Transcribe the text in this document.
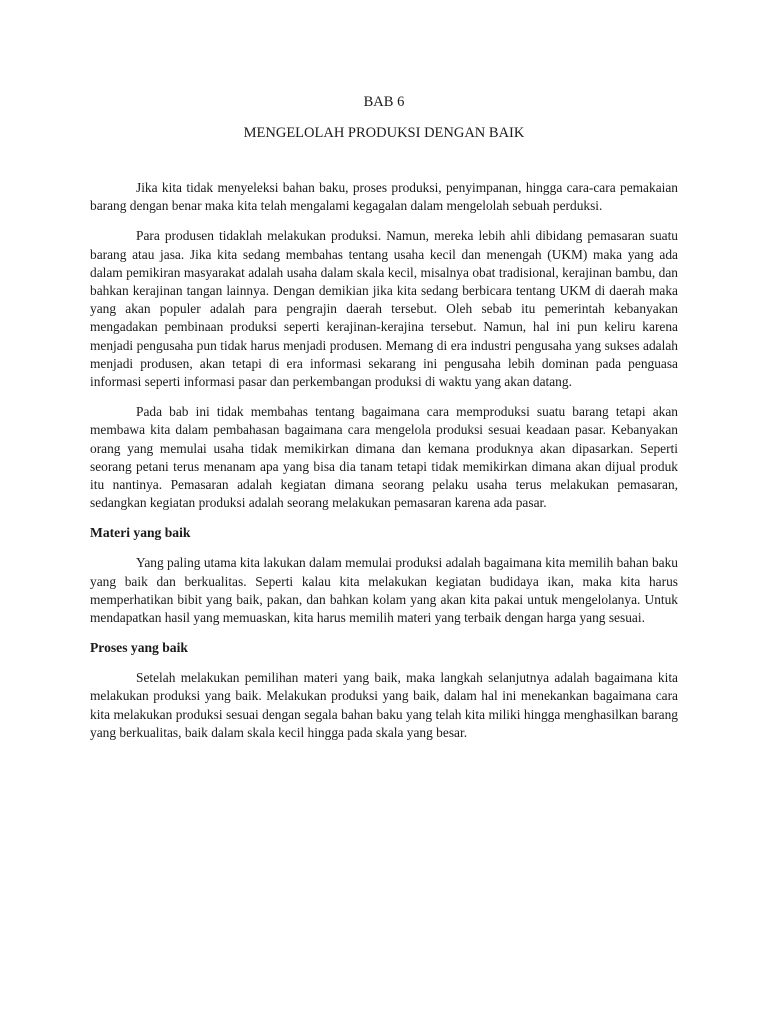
BAB 6

MENGELOLAH PRODUKSI DENGAN BAIK

Jika kita tidak menyeleksi bahan baku, proses produksi, penyimpanan, hingga cara-cara pemakaian barang dengan benar maka kita telah mengalami kegagalan dalam mengelolah sebuah perduksi.

Para produsen tidaklah melakukan produksi. Namun, mereka lebih ahli dibidang pemasaran suatu barang atau jasa. Jika kita sedang membahas tentang usaha kecil dan menengah (UKM) maka yang ada dalam pemikiran masyarakat adalah usaha dalam skala kecil, misalnya obat tradisional, kerajinan bambu, dan bahkan kerajinan tangan lainnya. Dengan demikian jika kita sedang berbicara tentang UKM di daerah maka yang akan populer adalah para pengrajin daerah tersebut. Oleh sebab itu pemerintah kebanyakan mengadakan pembinaan produksi seperti kerajinan-kerajina tersebut. Namun, hal ini pun keliru karena menjadi pengusaha pun tidak harus menjadi produsen. Memang di era industri pengusaha yang sukses adalah menjadi produsen, akan tetapi di era informasi sekarang ini pengusaha lebih dominan pada penguasa informasi seperti informasi pasar dan perkembangan produksi di waktu yang akan datang.

Pada bab ini tidak membahas tentang bagaimana cara memproduksi suatu barang tetapi akan membawa kita dalam pembahasan bagaimana cara mengelola produksi sesuai keadaan pasar. Kebanyakan orang yang memulai usaha tidak memikirkan dimana dan kemana produknya akan dipasarkan. Seperti seorang petani terus menanam apa yang bisa dia tanam tetapi tidak memikirkan dimana akan dijual produk itu nantinya. Pemasaran adalah kegiatan dimana seorang pelaku usaha terus melakukan pemasaran, sedangkan kegiatan produksi adalah seorang melakukan pemasaran karena ada pasar.

Materi yang baik

Yang paling utama kita lakukan dalam memulai produksi adalah bagaimana kita memilih bahan baku yang baik dan berkualitas. Seperti kalau kita melakukan kegiatan budidaya ikan, maka kita harus memperhatikan bibit yang baik, pakan, dan bahkan kolam yang akan kita pakai untuk mengelolanya. Untuk mendapatkan hasil yang memuaskan, kita harus memilih materi yang terbaik dengan harga yang sesuai.

Proses yang baik

Setelah melakukan pemilihan materi yang baik, maka langkah selanjutnya adalah bagaimana kita melakukan produksi yang baik. Melakukan produksi yang baik, dalam hal ini menekankan bagaimana cara kita melakukan produksi sesuai dengan segala bahan baku yang telah kita miliki hingga menghasilkan barang yang berkualitas, baik dalam skala kecil hingga pada skala yang besar.
